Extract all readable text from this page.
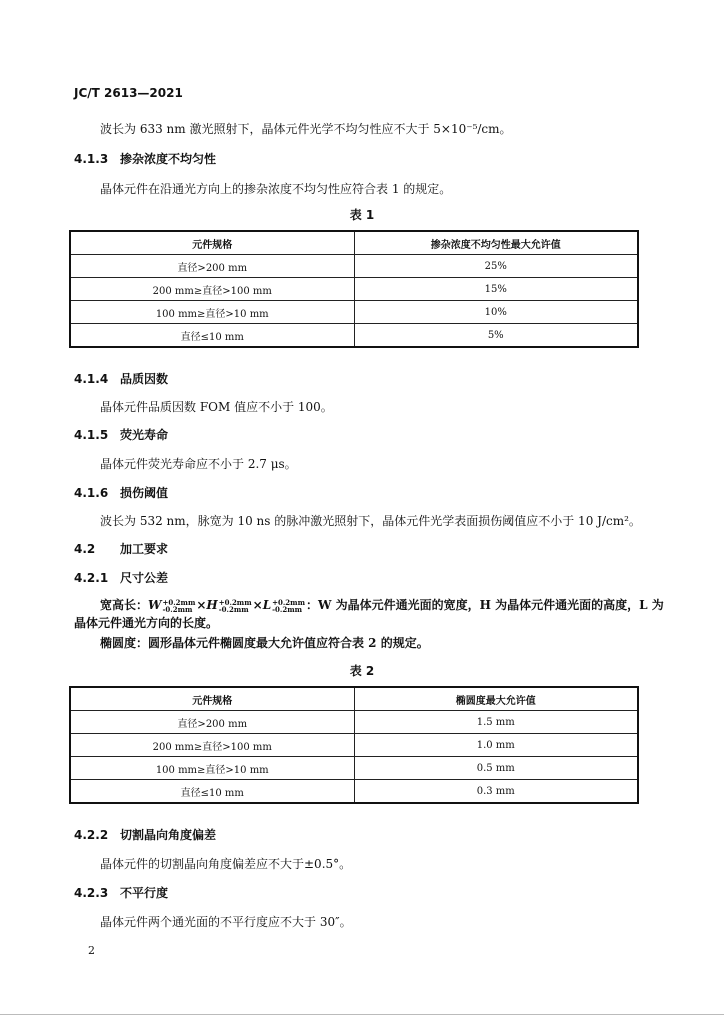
JC/T 2613—2021
波长为 633 nm 激光照射下，晶体元件光学不均匀性应不大于 5×10⁻⁵/cm。
4.1.3 掺杂浓度不均匀性
晶体元件在沿通光方向上的掺杂浓度不均匀性应符合表 1 的规定。
表 1
元件规格	掺杂浓度不均匀性最大允许值
直径>200 mm	25%
200 mm≥直径>100 mm	15%
100 mm≥直径>10 mm	10%
直径≤10 mm	5%
4.1.4 品质因数
晶体元件品质因数 FOM 值应不小于 100。
4.1.5 荧光寿命
晶体元件荧光寿命应不小于 2.7 μs。
4.1.6 损伤阈值
波长为 532 nm，脉宽为 10 ns 的脉冲激光照射下，晶体元件光学表面损伤阈值应不小于 10 J/cm²。
4.2 加工要求
4.2.1 尺寸公差
宽高长：W +0.2mm
-0.2mm ×H +0.2mm
-0.2mm ×L +0.2mm
-0.2mm ：W 为晶体元件通光面的宽度，H 为晶体元件通光面的高度，L 为
晶体元件通光方向的长度。
椭圆度：圆形晶体元件椭圆度最大允许值应符合表 2 的规定。
表 2
元件规格	椭圆度最大允许值
直径>200 mm	1.5 mm
200 mm≥直径>100 mm	1.0 mm
100 mm≥直径>10 mm	0.5 mm
直径≤10 mm	0.3 mm
4.2.2 切割晶向角度偏差
晶体元件的切割晶向角度偏差应不大于±0.5°。
4.2.3 不平行度
晶体元件两个通光面的不平行度应不大于 30″。
2
